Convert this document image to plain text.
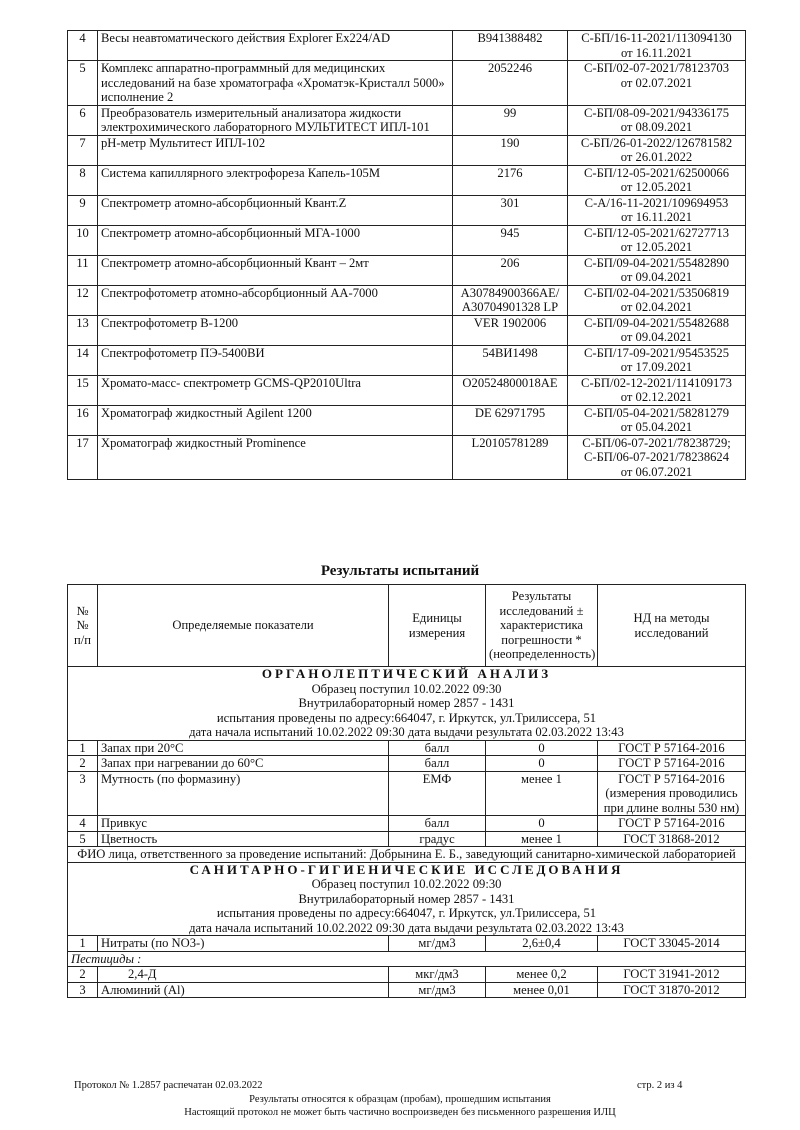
4	Весы неавтоматического действия Explorer Ex224/AD	B941388482	С-БП/16-11-2021/113094130
от 16.11.2021

5	Комплекс аппаратно-программный для медицинских исследований на базе хроматографа «Хроматэк-Кристалл 5000» исполнение 2	2052246	С-БП/02-07-2021/78123703
от 02.07.2021

6	Преобразователь измерительный анализатора жидкости электрохимического лабораторного МУЛЬТИТЕСТ ИПЛ-101	99	С-БП/08-09-2021/94336175
от 08.09.2021

7	pH-метр Мультитест ИПЛ-102	190	С-БП/26-01-2022/126781582
от 26.01.2022

8	Система капиллярного электрофореза Капель-105М	2176	С-БП/12-05-2021/62500066
от 12.05.2021

9	Спектрометр атомно-абсорбционный Квант.Z	301	С-А/16-11-2021/109694953
от 16.11.2021

10	Спектрометр атомно-абсорбционный МГА-1000	945	С-БП/12-05-2021/62727713
от 12.05.2021

11	Спектрометр атомно-абсорбционный Квант – 2мт	206	С-БП/09-04-2021/55482890
от 09.04.2021

12	Спектрофотометр атомно-абсорбционный AA-7000	A30784900366AE/ A30704901328 LP	С-БП/02-04-2021/53506819
от 02.04.2021

13	Спектрофотометр В-1200	VER 1902006	С-БП/09-04-2021/55482688
от 09.04.2021

14	Спектрофотометр ПЭ-5400ВИ	54ВИ1498	С-БП/17-09-2021/95453525
от 17.09.2021

15	Хромато-масс- спектрометр GCMS-QP2010Ultra	O20524800018AE	С-БП/02-12-2021/114109173
от 02.12.2021

16	Хроматограф жидкостный Agilent 1200	DE 62971795	С-БП/05-04-2021/58281279
от 05.04.2021

17	Хроматограф жидкостный Prominence	L20105781289	С-БП/06-07-2021/78238729;
С-БП/06-07-2021/78238624
от 06.07.2021
Результаты испытаний
№№ п/п	Определяемые показатели	Единицы измерения	Результаты исследований ± характеристика погрешности *(неопределенность)	НД на методы исследований

ОРГАНОЛЕПТИЧЕСКИЙ АНАЛИЗ
Образец поступил 10.02.2022 09:30
Внутрилабораторный номер 2857 - 1431
испытания проведены по адресу:664047, г. Иркутск, ул.Трилиссера, 51
дата начала испытаний 10.02.2022 09:30 дата выдачи результата 02.03.2022 13:43				

1	Запах при 20°С	балл	0	ГОСТ Р 57164-2016
2	Запах при нагревании до 60°С	балл	0	ГОСТ Р 57164-2016
3	Мутность (по формазину)	ЕМФ	менее 1	ГОСТ Р 57164-2016 (измерения проводились при длине волны 530 нм)
4	Привкус	балл	0	ГОСТ Р 57164-2016
5	Цветность	градус	менее 1	ГОСТ 31868-2012
ФИО лица, ответственного за проведение испытаний: Добрынина Е. Б., заведующий санитарно-химической лабораторией				

САНИТАРНО-ГИГИЕНИЧЕСКИЕ ИССЛЕДОВАНИЯ
Образец поступил 10.02.2022 09:30
Внутрилабораторный номер 2857 - 1431
испытания проведены по адресу:664047, г. Иркутск, ул.Трилиссера, 51
дата начала испытаний 10.02.2022 09:30 дата выдачи результата 02.03.2022 13:43				

1	Нитраты (по NO3-)	мг/дм3	2,6±0,4	ГОСТ 33045-2014
Пестициды :				
2	2,4-Д	мкг/дм3	менее 0,2	ГОСТ 31941-2012
3	Алюминий (Al)	мг/дм3	менее 0,01	ГОСТ 31870-2012
Протокол № 1.2857 распечатан 02.03.2022	стр. 2 из 4
Результаты относятся к образцам (пробам), прошедшим испытания
Настоящий протокол не может быть частично воспроизведен без письменного разрешения ИЛЦ
